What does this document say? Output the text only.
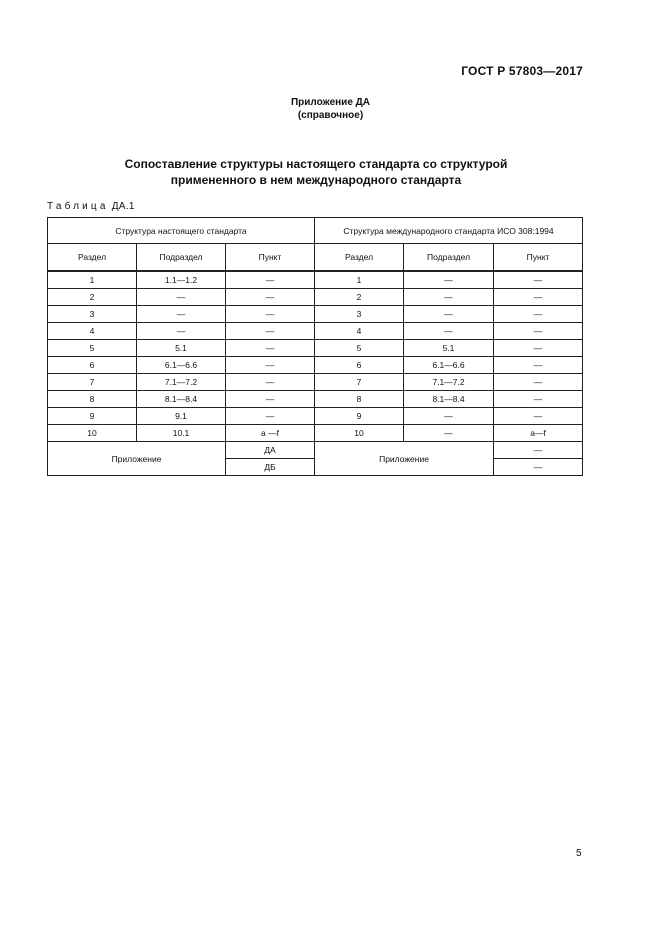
ГОСТ Р 57803—2017
Приложение ДА
(справочное)
Сопоставление структуры настоящего стандарта со структурой
примененного в нем международного стандарта
Таблица ДА.1
Структура настоящего стандарта			Структура международного стандарта ИСО 308:1994		
Раздел	Подраздел	Пункт	Раздел	Подраздел	Пункт
1	1.1—1.2	—	1	—	—
2	—	—	2	—	—
3	—	—	3	—	—
4	—	—	4	—	—
5	5.1	—	5	5.1	—
6	6.1—6.6	—	6	6.1—6.6	—
7	7.1—7.2	—	7	7.1—7.2	—
8	8.1—8.4	—	8	8.1—8.4	—
9	9.1	—	9	—	—
10	10.1	a —f	10	—	a—f
Приложение		ДА	Приложение		—
		ДБ			—
5
